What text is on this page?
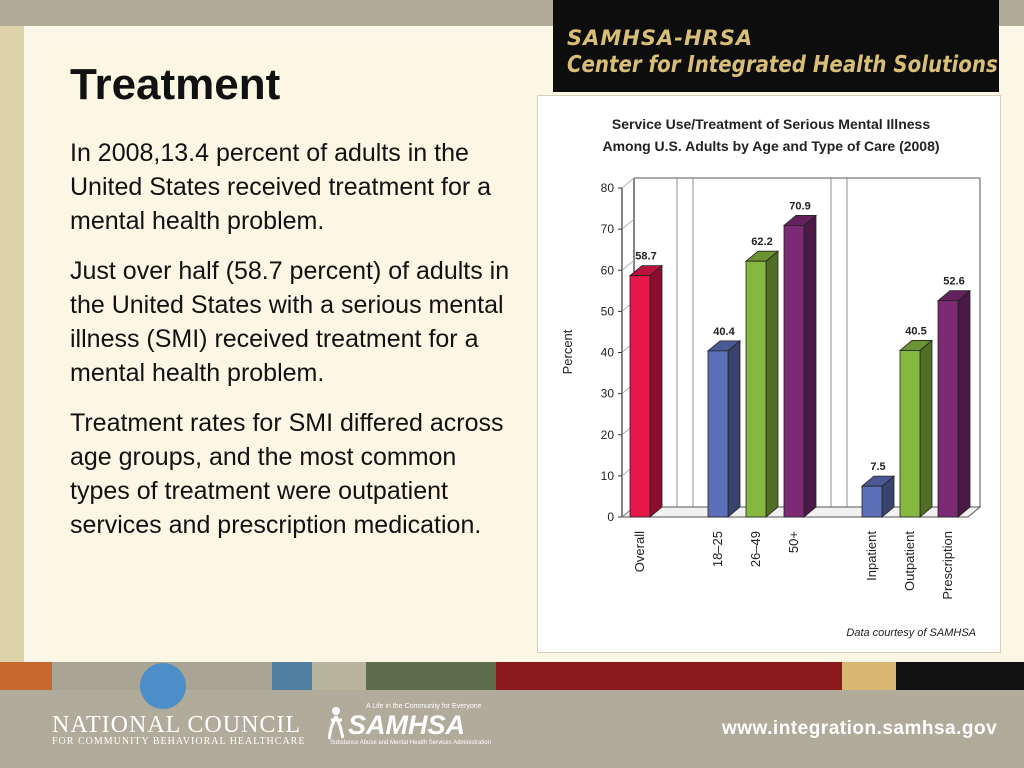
SAMHSA-HRSA
Center for Integrated Health Solutions
Treatment

In 2008,13.4 percent of adults in the United States received treatment for a mental health problem.

Just over half (58.7 percent) of adults in the United States with a serious mental illness (SMI) received treatment for a mental health problem.

Treatment rates for SMI differed across age groups, and the most common types of treatment were outpatient services and prescription medication.

Service Use/Treatment of Serious Mental Illness
Among U.S. Adults by Age and Type of Care (2008)
0
10
20
30
40
50
60
70
80
Percent
58.7
Overall
40.4
18–25
62.2
26–49
70.9
50+
7.5
Inpatient
40.5
Outpatient
52.6
Prescription
Data courtesy of SAMHSA
NATIONAL COUNCIL
FOR COMMUNITY BEHAVIORAL HEALTHCARE
A Life in the Community for Everyone
SAMHSA
Substance Abuse and Mental Health Services Administration
www.integration.samhsa.gov
